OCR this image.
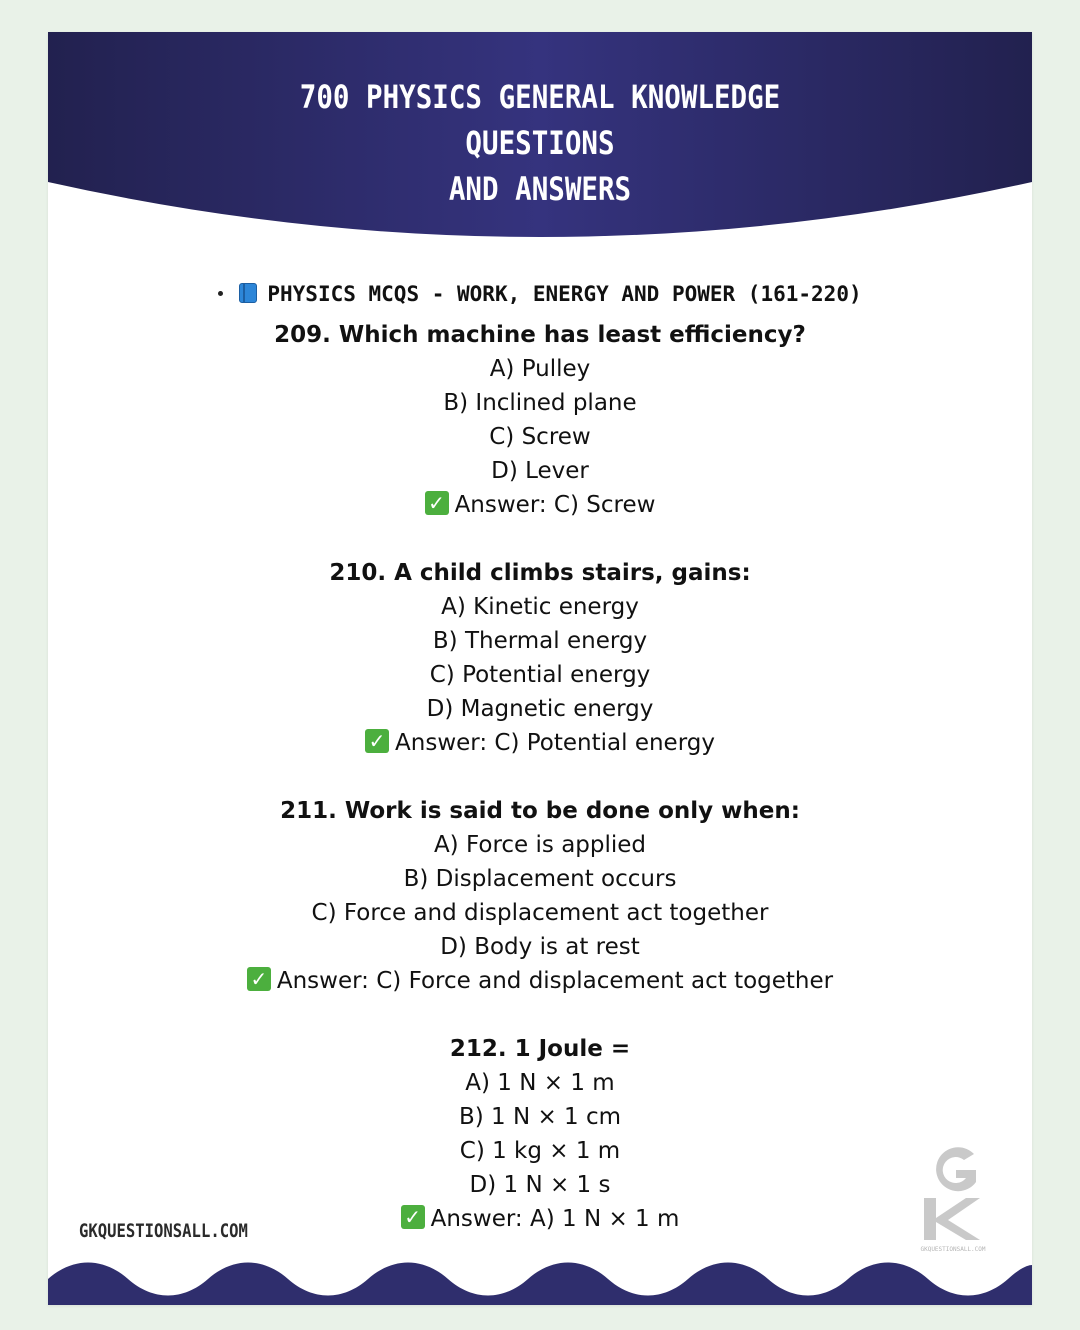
700 PHYSICS GENERAL KNOWLEDGE
QUESTIONS
AND ANSWERS
PHYSICS MCQS - WORK, ENERGY AND POWER (161-220)
209. Which machine has least efficiency?
A) Pulley
B) Inclined plane
C) Screw
D) Lever
✓ Answer: C) Screw
210. A child climbs stairs, gains:
A) Kinetic energy
B) Thermal energy
C) Potential energy
D) Magnetic energy
✓ Answer: C) Potential energy
211. Work is said to be done only when:
A) Force is applied
B) Displacement occurs
C) Force and displacement act together
D) Body is at rest
✓ Answer: C) Force and displacement act together
212. 1 Joule =
A) 1 N × 1 m
B) 1 N × 1 cm
C) 1 kg × 1 m
D) 1 N × 1 s
✓ Answer: A) 1 N × 1 m
GKQUESTIONSALL.COM
GKQUESTIONSALL.COM
